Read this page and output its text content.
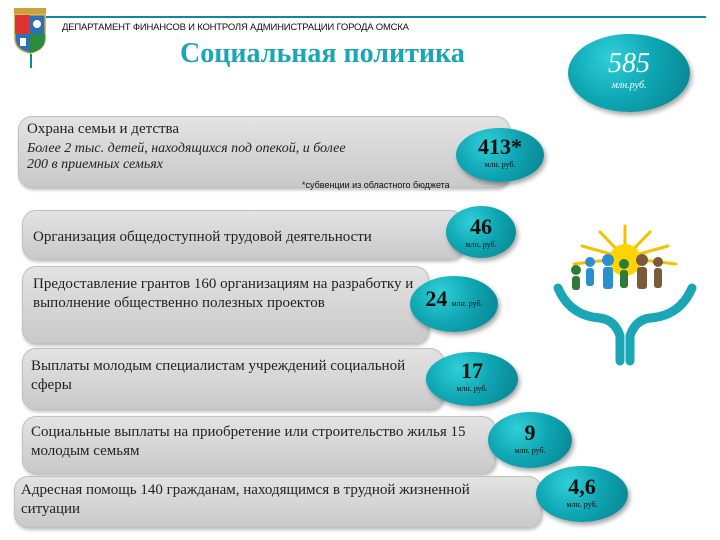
ДЕПАРТАМЕНТ ФИНАНСОВ И КОНТРОЛЯ АДМИНИСТРАЦИИ ГОРОДА ОМСКА
Социальная политика	585
млн.руб.
Охрана семьи и детства
Более 2 тыс. детей, находящихся под опекой, и более 200 в приемных семьях
413*
млн. руб.
*субвенции из областного бюджета
Организация общедоступной трудовой деятельности	46
млн. руб.
Предоставление грантов 160 организациям на разработку и выполнение общественно полезных проектов	24 млн. руб.
Выплаты молодым специалистам учреждений социальной сферы
17
млн. руб.
Социальные выплаты на приобретение или строительство жилья 15 молодым семьям
9
млн. руб.
Адресная помощь 140 гражданам, находящимся в трудной жизненной ситуации
4,6
млн. руб.
